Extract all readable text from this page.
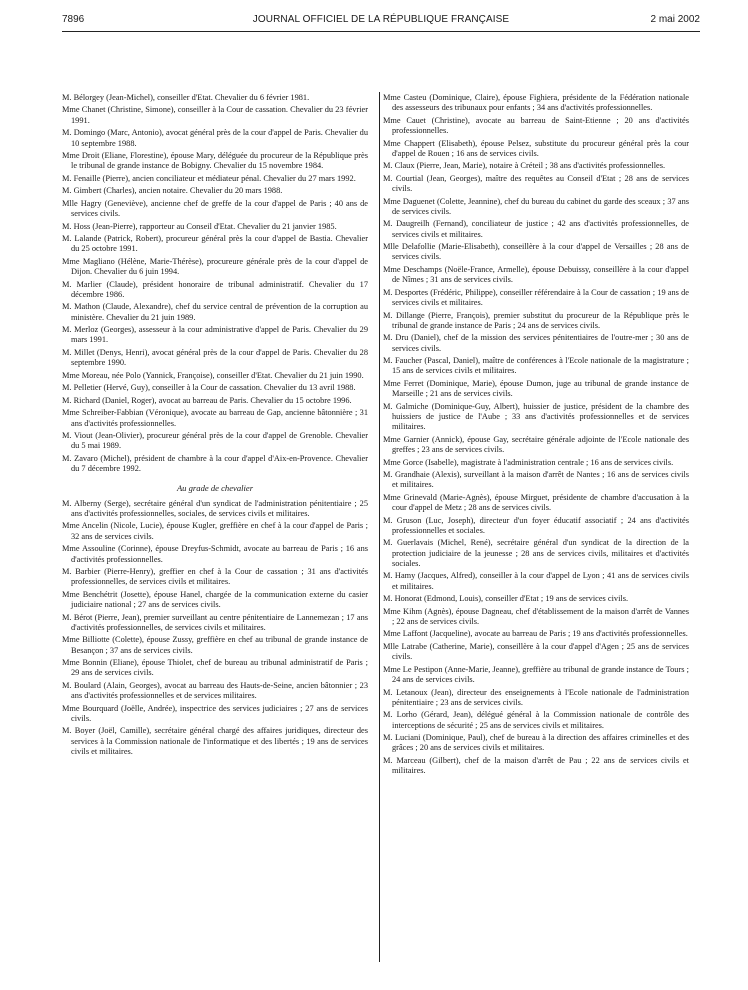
7896	JOURNAL OFFICIEL DE LA RÉPUBLIQUE FRANÇAISE	2 mai 2002

M. Bélorgey (Jean-Michel), conseiller d'Etat. Chevalier du 6 février 1981.

Mme Chanet (Christine, Simone), conseiller à la Cour de cassation. Chevalier du 23 février 1991.

M. Domingo (Marc, Antonio), avocat général près de la cour d'appel de Paris. Chevalier du 10 septembre 1988.

Mme Droit (Eliane, Florestine), épouse Mary, déléguée du procureur de la République près le tribunal de grande instance de Bobigny. Chevalier du 15 novembre 1984.

M. Fenaille (Pierre), ancien conciliateur et médiateur pénal. Chevalier du 27 mars 1992.

M. Gimbert (Charles), ancien notaire. Chevalier du 20 mars 1988.

Mlle Hagry (Geneviève), ancienne chef de greffe de la cour d'appel de Paris ; 40 ans de services civils.

M. Hoss (Jean-Pierre), rapporteur au Conseil d'Etat. Chevalier du 21 janvier 1985.

M. Lalande (Patrick, Robert), procureur général près la cour d'appel de Bastia. Chevalier du 25 octobre 1991.

Mme Magliano (Hélène, Marie-Thérèse), procureure générale près de la cour d'appel de Dijon. Chevalier du 6 juin 1994.

M. Marlier (Claude), président honoraire de tribunal administratif. Chevalier du 17 décembre 1986.

M. Mathon (Claude, Alexandre), chef du service central de prévention de la corruption au ministère. Chevalier du 21 juin 1989.

M. Merloz (Georges), assesseur à la cour administrative d'appel de Paris. Chevalier du 29 mars 1991.

M. Millet (Denys, Henri), avocat général près de la cour d'appel de Paris. Chevalier du 28 septembre 1990.

Mme Moreau, née Polo (Yannick, Françoise), conseiller d'Etat. Chevalier du 21 juin 1990.

M. Pelletier (Hervé, Guy), conseiller à la Cour de cassation. Chevalier du 13 avril 1988.

M. Richard (Daniel, Roger), avocat au barreau de Paris. Chevalier du 15 octobre 1996.

Mme Schreiber-Fabbian (Véronique), avocate au barreau de Gap, ancienne bâtonnière ; 31 ans d'activités professionnelles.

M. Viout (Jean-Olivier), procureur général près de la cour d'appel de Grenoble. Chevalier du 5 mai 1989.

M. Zavaro (Michel), président de chambre à la cour d'appel d'Aix-en-Provence. Chevalier du 7 décembre 1992.

Au grade de chevalier

M. Alberny (Serge), secrétaire général d'un syndicat de l'administration pénitentiaire ; 25 ans d'activités professionnelles, sociales, de services civils et militaires.

Mme Ancelin (Nicole, Lucie), épouse Kugler, greffière en chef à la cour d'appel de Paris ; 32 ans de services civils.

Mme Assouline (Corinne), épouse Dreyfus-Schmidt, avocate au barreau de Paris ; 16 ans d'activités professionnelles.

M. Barbier (Pierre-Henry), greffier en chef à la Cour de cassation ; 31 ans d'activités professionnelles, de services civils et militaires.

Mme Benchétrit (Josette), épouse Hanel, chargée de la communication externe du casier judiciaire national ; 27 ans de services civils.

M. Bérot (Pierre, Jean), premier surveillant au centre pénitentiaire de Lannemezan ; 17 ans d'activités professionnelles, de services civils et militaires.

Mme Billiotte (Colette), épouse Zussy, greffière en chef au tribunal de grande instance de Besançon ; 37 ans de services civils.

Mme Bonnin (Eliane), épouse Thiolet, chef de bureau au tribunal administratif de Paris ; 29 ans de services civils.

M. Boulard (Alain, Georges), avocat au barreau des Hauts-de-Seine, ancien bâtonnier ; 23 ans d'activités professionnelles et de services militaires.

Mme Bourquard (Joëlle, Andrée), inspectrice des services judiciaires ; 27 ans de services civils.

M. Boyer (Joël, Camille), secrétaire général chargé des affaires juridiques, directeur des services à la Commission nationale de l'informatique et des libertés ; 19 ans de services civils et militaires.

Mme Casteu (Dominique, Claire), épouse Fighiera, présidente de la Fédération nationale des assesseurs des tribunaux pour enfants ; 34 ans d'activités professionnelles.

Mme Cauet (Christine), avocate au barreau de Saint-Etienne ; 20 ans d'activités professionnelles.

Mme Chappert (Elisabeth), épouse Pelsez, substitute du procureur général près la cour d'appel de Rouen ; 16 ans de services civils.

M. Claux (Pierre, Jean, Marie), notaire à Créteil ; 38 ans d'activités professionnelles.

M. Courtial (Jean, Georges), maître des requêtes au Conseil d'Etat ; 28 ans de services civils.

Mme Daguenet (Colette, Jeannine), chef du bureau du cabinet du garde des sceaux ; 37 ans de services civils.

M. Daugreilh (Fernand), conciliateur de justice ; 42 ans d'activités professionnelles, de services civils et militaires.

Mlle Delafollie (Marie-Elisabeth), conseillère à la cour d'appel de Versailles ; 28 ans de services civils.

Mme Deschamps (Noële-France, Armelle), épouse Debuissy, conseillère à la cour d'appel de Nîmes ; 31 ans de services civils.

M. Desportes (Frédéric, Philippe), conseiller référendaire à la Cour de cassation ; 19 ans de services civils et militaires.

M. Dillange (Pierre, François), premier substitut du procureur de la République près le tribunal de grande instance de Paris ; 24 ans de services civils.

M. Dru (Daniel), chef de la mission des services pénitentiaires de l'outre-mer ; 30 ans de services civils.

M. Faucher (Pascal, Daniel), maître de conférences à l'Ecole nationale de la magistrature ; 15 ans de services civils et militaires.

Mme Ferret (Dominique, Marie), épouse Dumon, juge au tribunal de grande instance de Marseille ; 21 ans de services civils.

M. Galmiche (Dominique-Guy, Albert), huissier de justice, président de la chambre des huissiers de justice de l'Aube ; 33 ans d'activités professionnelles et de services militaires.

Mme Garnier (Annick), épouse Gay, secrétaire générale adjointe de l'Ecole nationale des greffes ; 23 ans de services civils.

Mme Gorce (Isabelle), magistrate à l'administration centrale ; 16 ans de services civils.

M. Grandhaie (Alexis), surveillant à la maison d'arrêt de Nantes ; 16 ans de services civils et militaires.

Mme Grinevald (Marie-Agnès), épouse Mirguet, présidente de chambre d'accusation à la cour d'appel de Metz ; 28 ans de services civils.

M. Gruson (Luc, Joseph), directeur d'un foyer éducatif associatif ; 24 ans d'activités professionnelles et sociales.

M. Guerlavais (Michel, René), secrétaire général d'un syndicat de la direction de la protection judiciaire de la jeunesse ; 28 ans de services civils, militaires et d'activités sociales.

M. Hamy (Jacques, Alfred), conseiller à la cour d'appel de Lyon ; 41 ans de services civils et militaires.

M. Honorat (Edmond, Louis), conseiller d'Etat ; 19 ans de services civils.

Mme Kihm (Agnès), épouse Dagneau, chef d'établissement de la maison d'arrêt de Vannes ; 22 ans de services civils.

Mme Laffont (Jacqueline), avocate au barreau de Paris ; 19 ans d'activités professionnelles.

Mlle Latrabe (Catherine, Marie), conseillère à la cour d'appel d'Agen ; 25 ans de services civils.

Mme Le Pestipon (Anne-Marie, Jeanne), greffière au tribunal de grande instance de Tours ; 24 ans de services civils.

M. Letanoux (Jean), directeur des enseignements à l'Ecole nationale de l'administration pénitentiaire ; 23 ans de services civils.

M. Lorho (Gérard, Jean), délégué général à la Commission nationale de contrôle des interceptions de sécurité ; 25 ans de services civils et militaires.

M. Luciani (Dominique, Paul), chef de bureau à la direction des affaires criminelles et des grâces ; 20 ans de services civils et militaires.

M. Marceau (Gilbert), chef de la maison d'arrêt de Pau ; 22 ans de services civils et militaires.
